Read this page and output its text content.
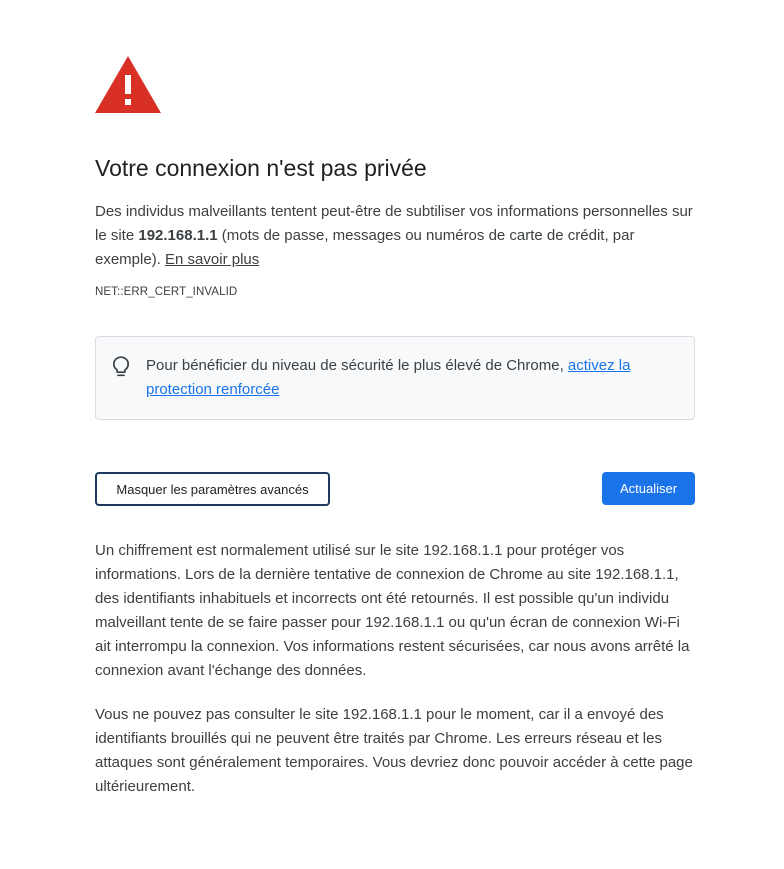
Votre connexion n'est pas privée

Des individus malveillants tentent peut-être de subtiliser vos informations personnelles sur le site 192.168.1.1 (mots de passe, messages ou numéros de carte de crédit, par exemple). En savoir plus

NET::ERR_CERT_INVALID
Pour bénéficier du niveau de sécurité le plus élevé de Chrome, activez la protection renforcée
Masquer les paramètres avancés	Actualiser

Un chiffrement est normalement utilisé sur le site 192.168.1.1 pour protéger vos informations. Lors de la dernière tentative de connexion de Chrome au site 192.168.1.1, des identifiants inhabituels et incorrects ont été retournés. Il est possible qu'un individu malveillant tente de se faire passer pour 192.168.1.1 ou qu'un écran de connexion Wi-Fi ait interrompu la connexion. Vos informations restent sécurisées, car nous avons arrêté la connexion avant l'échange des données.

Vous ne pouvez pas consulter le site 192.168.1.1 pour le moment, car il a envoyé des identifiants brouillés qui ne peuvent être traités par Chrome. Les erreurs réseau et les attaques sont généralement temporaires. Vous devriez donc pouvoir accéder à cette page ultérieurement.
